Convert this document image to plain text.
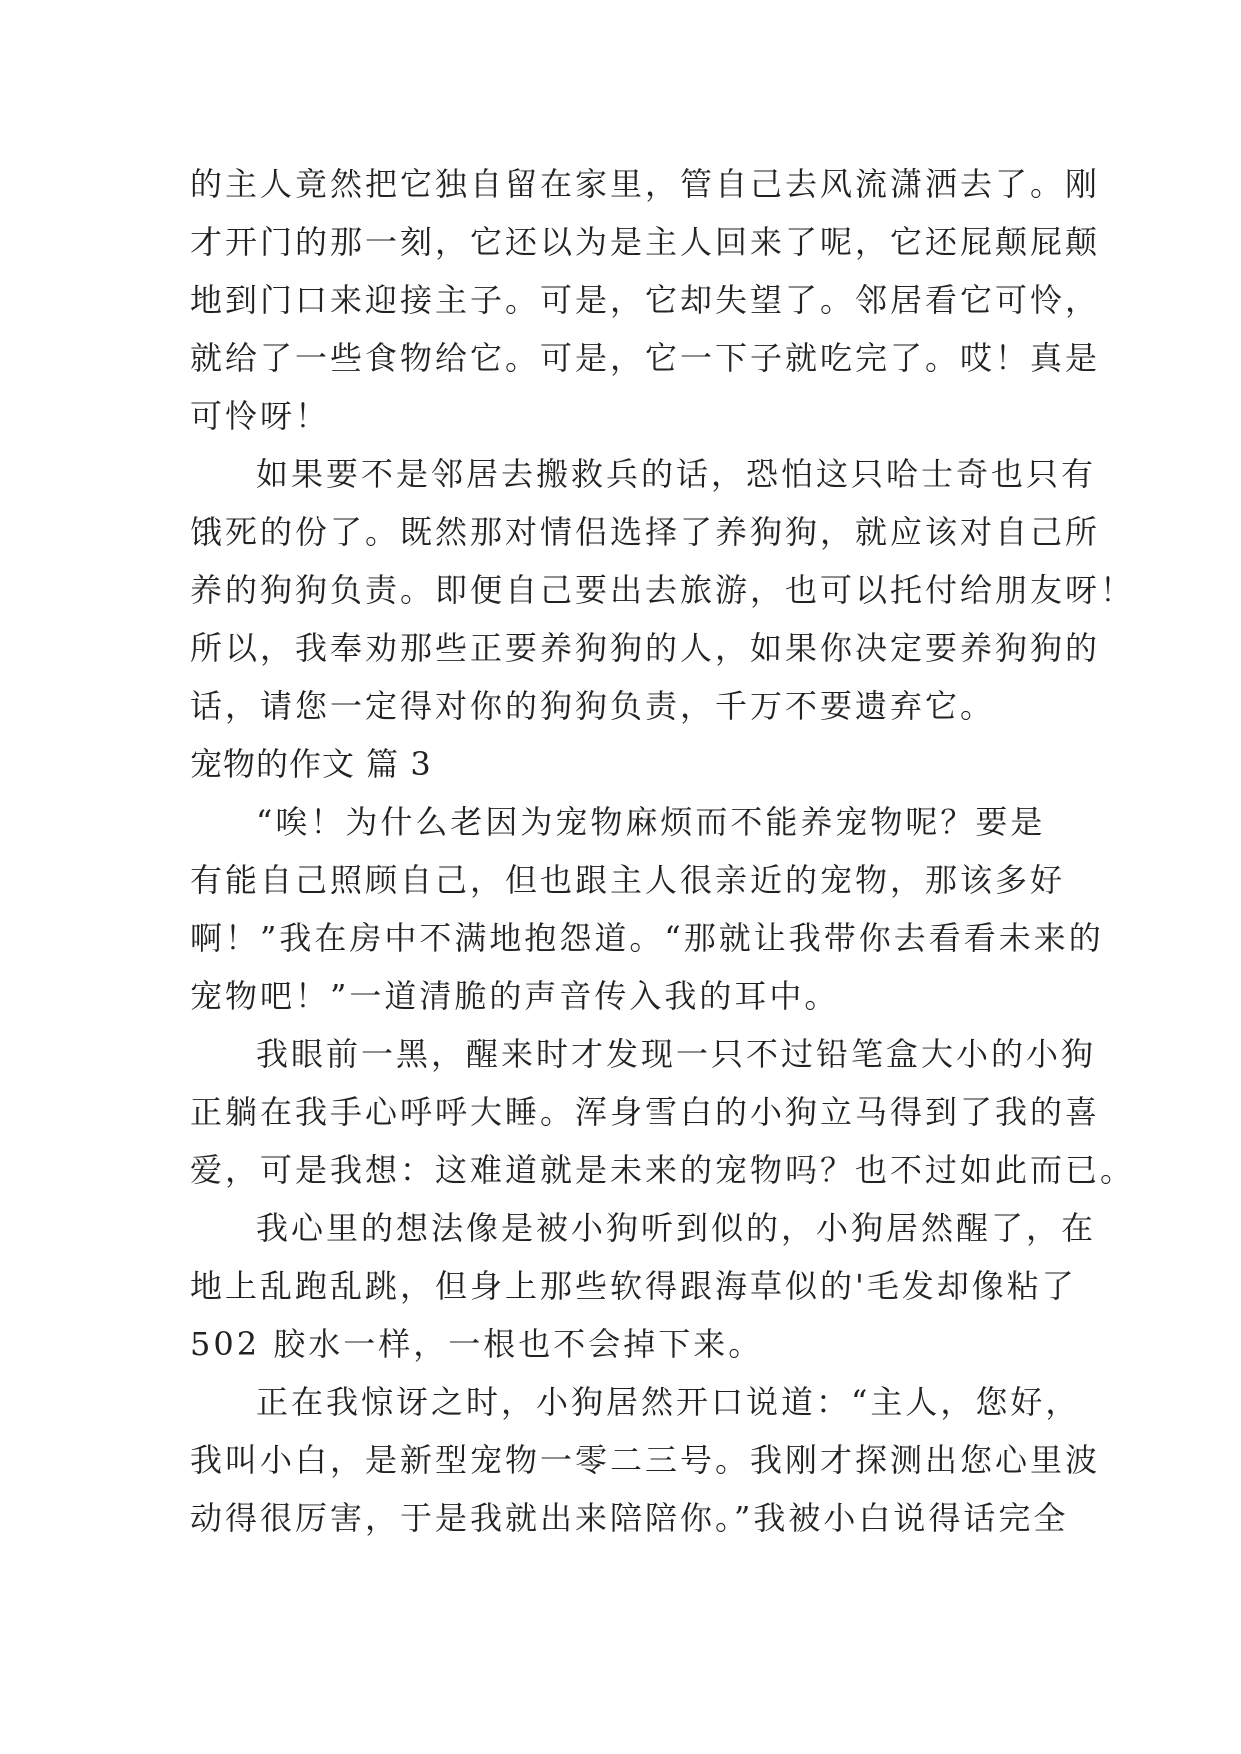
的主人竟然把它独自留在家里，管自己去风流潇洒去了。刚
才开门的那一刻，它还以为是主人回来了呢，它还屁颠屁颠
地到门口来迎接主子。可是，它却失望了。邻居看它可怜，
就给了一些食物给它。可是，它一下子就吃完了。哎！真是
可怜呀！
如果要不是邻居去搬救兵的话，恐怕这只哈士奇也只有
饿死的份了。既然那对情侣选择了养狗狗，就应该对自己所
养的狗狗负责。即便自己要出去旅游，也可以托付给朋友呀！
所以，我奉劝那些正要养狗狗的人，如果你决定要养狗狗的
话，请您一定得对你的狗狗负责，千万不要遗弃它。
宠物的作文 篇 3
“唉！为什么老因为宠物麻烦而不能养宠物呢？要是
有能自己照顾自己，但也跟主人很亲近的宠物，那该多好
啊！”我在房中不满地抱怨道。“那就让我带你去看看未来的
宠物吧！”一道清脆的声音传入我的耳中。
我眼前一黑，醒来时才发现一只不过铅笔盒大小的小狗
正躺在我手心呼呼大睡。浑身雪白的小狗立马得到了我的喜
爱，可是我想：这难道就是未来的宠物吗？也不过如此而已。
我心里的想法像是被小狗听到似的，小狗居然醒了，在
地上乱跑乱跳，但身上那些软得跟海草似的'毛发却像粘了
502 胶水一样，一根也不会掉下来。
正在我惊讶之时，小狗居然开口说道：“主人，您好，
我叫小白，是新型宠物一零二三号。我刚才探测出您心里波
动得很厉害，于是我就出来陪陪你。”我被小白说得话完全
